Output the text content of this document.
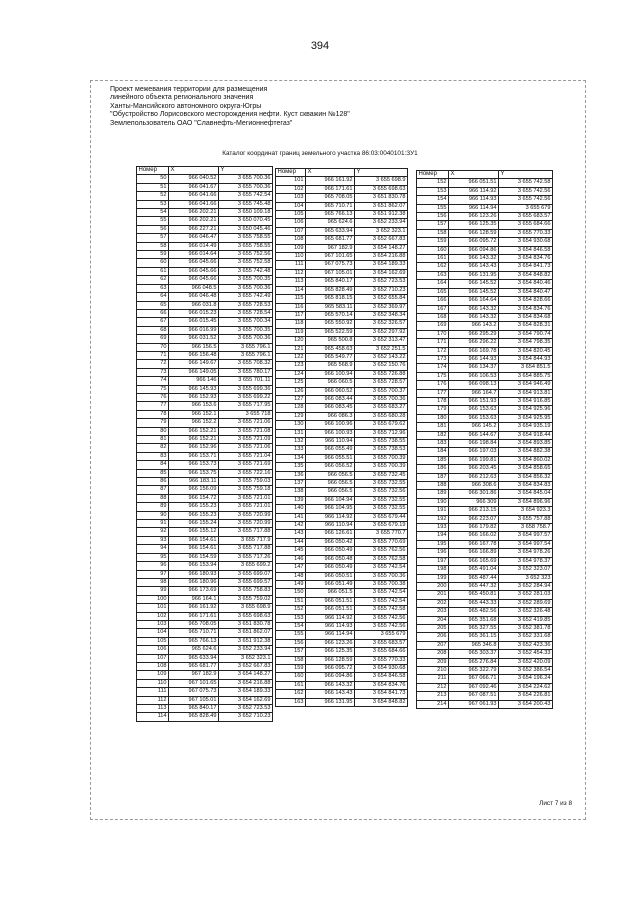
394
Проект межевания территории для размещения
линейного объекта регионального значения
Ханты-Мансийского автономного округа-Югры
"Обустройство Лорисовского месторождения нефти. Куст скважин №128"
Землепользователь ОАО "Славнефть-Мегионнефтегаз"
Каталог координат границ земельного участка 86:03:0040101:ЗУ1
Номер	X	Y
50	966 040.52	3 655 700.36
51	966 041.67	3 655 700.36
52	966 041.66	3 655 742.54
53	966 041.66	3 655 745.48
54	966 202.21	3 650 109.18
55	966 202.21	3 650 070.45
56	966 227.21	3 650 045.46
57	966 046.47	3 655 758.55
58	966 014.49	3 655 758.55
59	966 014.64	3 655 752.56
60	966 045.66	3 655 752.58
61	966 045.66	3 655 742.48
62	966 045.66	3 655 700.35
63	966 048.5	3 655 700.36
64	966 046.48	3 655 742.49
65	966 031.8	3 655 728.53
66	966 015.23	3 655 728.54
67	966 015.45	3 655 700.34
68	966 016.99	3 655 700.35
69	966 031.52	3 655 700.36
70	966 156.5	3 655 796.1
71	966 156.48	3 655 796.1
72	966 149.67	3 655 708.32
73	966 149.05	3 655 780.17
74	966 146	3 655 701.11
75	966 145.93	3 655 699.36
76	966 152.93	3 655 699.22
77	966 153.6	3 655 717.95
78	966 152.1	3 655 718
79	966 152.2	3 655 721.06
80	966 152.21	3 655 721.08
81	966 152.21	3 655 721.09
82	966 152.96	3 655 721.06
83	966 153.71	3 655 721.04
84	966 153.73	3 655 721.69
85	966 153.75	3 655 722.16
86	966 183.11	3 655 759.03
87	966 156.09	3 655 759.18
88	966 154.72	3 655 721.01
89	966 155.23	3 655 721.01
90	966 155.23	3 655 720.99
91	966 155.24	3 655 720.99
92	966 155.12	3 655 717.88
93	966 154.61	3 655 717.9
94	966 154.61	3 655 717.88
95	966 154.59	3 655 717.26
96	966 153.94	3 655 699.2
97	966 180.93	3 655 699.07
98	966 180.96	3 655 699.57
99	966 173.69	3 655 758.83
100	966 164.1	3 655 759.02
101	966 161.92	3 655 698.9
102	966 171.61	3 655 698.63
103	965 708.05	3 651 830.78
104	965 710.71	3 651 862.07
105	965 766.13	3 651 912.38
106	965 624.6	3 652 233.94
107	965 633.94	3 652 323.1
108	965 681.77	3 652 667.83
109	967 182.9	3 654 148.27
110	967 101.65	3 654 216.88
111	967 075.73	3 654 189.33
112	967 105.01	3 654 162.69
113	965 840.17	3 652 723.53
114	965 828.49	3 652 710.23
Номер	X	Y
101	966 161.92	3 655 698.9
102	966 171.61	3 655 698.63
103	965 708.05	3 651 830.78
104	965 710.71	3 651 862.07
105	965 766.13	3 651 912.38
106	965 624.6	3 652 233.94
107	965 633.94	3 652 323.1
108	965 681.77	3 652 667.83
109	967 182.9	3 654 148.27
110	967 101.65	3 654 216.88
111	967 075.73	3 654 189.33
112	967 105.01	3 654 162.69
113	965 840.17	3 652 723.53
114	965 828.49	3 652 710.23
115	965 818.15	3 652 655.84
116	965 583.11	3 652 369.97
117	965 570.14	3 652 348.34
118	965 550.92	3 652 326.57
119	965 522.59	3 652 297.92
120	965 500.8	3 652 313.47
121	965 458.63	3 652 251.5
122	965 549.77	3 652 143.22
123	965 568.9	3 652 150.76
124	966 100.94	3 655 726.88
125	966 060.5	3 655 728.57
126	966 060.52	3 655 700.37
127	966 083.44	3 655 700.36
128	966 083.45	3 655 683.27
129	966 086.3	3 655 680.28
130	966 100.96	3 655 679.62
131	966 100.93	3 655 712.96
132	966 110.94	3 655 738.55
133	966 055.49	3 655 738.53
134	966 055.51	3 655 700.39
135	966 056.52	3 655 700.39
136	966 056.5	3 655 732.45
137	966 056.5	3 655 732.55
138	966 056.5	3 655 732.56
139	966 104.94	3 655 732.55
140	966 104.95	3 655 732.55
141	966 114.92	3 655 679.44
142	966 110.94	3 655 679.19
143	966 126.61	3 655 770.7
144	966 050.42	3 655 770.69
145	966 050.49	3 655 762.56
146	966 050.48	3 655 762.58
147	966 050.49	3 655 742.54
148	966 050.51	3 655 700.36
149	966 051.49	3 655 700.38
150	966 051.5	3 655 742.54
151	966 051.51	3 655 742.54
152	966 051.51	3 655 742.58
153	966 114.92	3 655 742.56
154	966 114.93	3 655 742.56
155	966 114.94	3 655 679
156	966 123.26	3 655 683.57
157	966 125.35	3 655 684.66
158	966 128.59	3 655 770.33
159	966 095.72	3 654 930.68
160	966 094.86	3 654 846.58
161	966 143.32	3 654 834.76
162	966 143.43	3 654 841.73
163	966 131.95	3 654 848.82
Номер	X	Y
152	966 051.51	3 655 742.58
153	966 114.92	3 655 742.56
154	966 114.93	3 655 742.56
155	966 114.94	3 655 679
156	966 123.26	3 655 683.57
157	966 125.35	3 655 684.66
158	966 128.59	3 655 770.33
159	966 095.72	3 654 930.68
160	966 094.86	3 654 846.58
161	966 143.32	3 654 834.76
162	966 143.43	3 654 841.73
163	966 131.95	3 654 848.82
164	966 145.52	3 654 840.46
165	966 145.52	3 654 840.47
166	966 164.64	3 654 828.66
167	966 143.32	3 654 834.76
168	966 143.32	3 654 834.68
169	966 143.2	3 654 828.31
170	966 295.29	3 654 790.74
171	966 296.22	3 654 798.35
172	966 169.78	3 654 820.45
173	966 144.93	3 654 844.93
174	966 134.37	3 654 851.5
175	966 106.53	3 654 885.75
176	966 098.13	3 654 946.49
177	966 164.7	3 654 913.81
178	966 151.93	3 654 916.85
179	966 153.63	3 654 925.96
180	966 153.63	3 654 925.95
181	966 145.2	3 654 935.19
182	966 144.67	3 654 918.44
183	966 198.84	3 654 893.85
184	966 197.03	3 654 882.38
185	966 199.81	3 654 860.02
186	966 203.45	3 654 858.65
187	966 212.63	3 654 856.32
188	966 308.6	3 654 834.83
189	966 301.86	3 654 845.04
190	966 309	3 654 896.96
191	966 213.15	3 654 923.3
192	966 223.07	3 655 757.88
193	966 179.82	3 658 758.7
194	966 166.02	3 654 997.57
195	966 167.78	3 654 997.54
196	966 166.89	3 654 978.26
197	966 165.69	3 654 978.37
198	965 491.04	3 652 323.07
199	965 487.44	3 652 323
200	965 447.32	3 652 284.94
201	965 450.81	3 652 281.03
202	965 443.33	3 652 289.69
203	965 482.56	3 652 326.48
204	965 351.68	3 652 419.85
205	965 327.55	3 652 381.78
206	965 361.15	3 652 331.68
207	965 346.8	3 652 423.36
208	965 303.37	3 652 454.33
209	965 276.84	3 652 420.09
210	965 322.79	3 652 386.54
211	967 066.71	3 654 196.24
212	967 092.46	3 654 224.62
213	967 087.51	3 654 226.81
214	967 061.93	3 654 200.43
Лист 7 из 8
